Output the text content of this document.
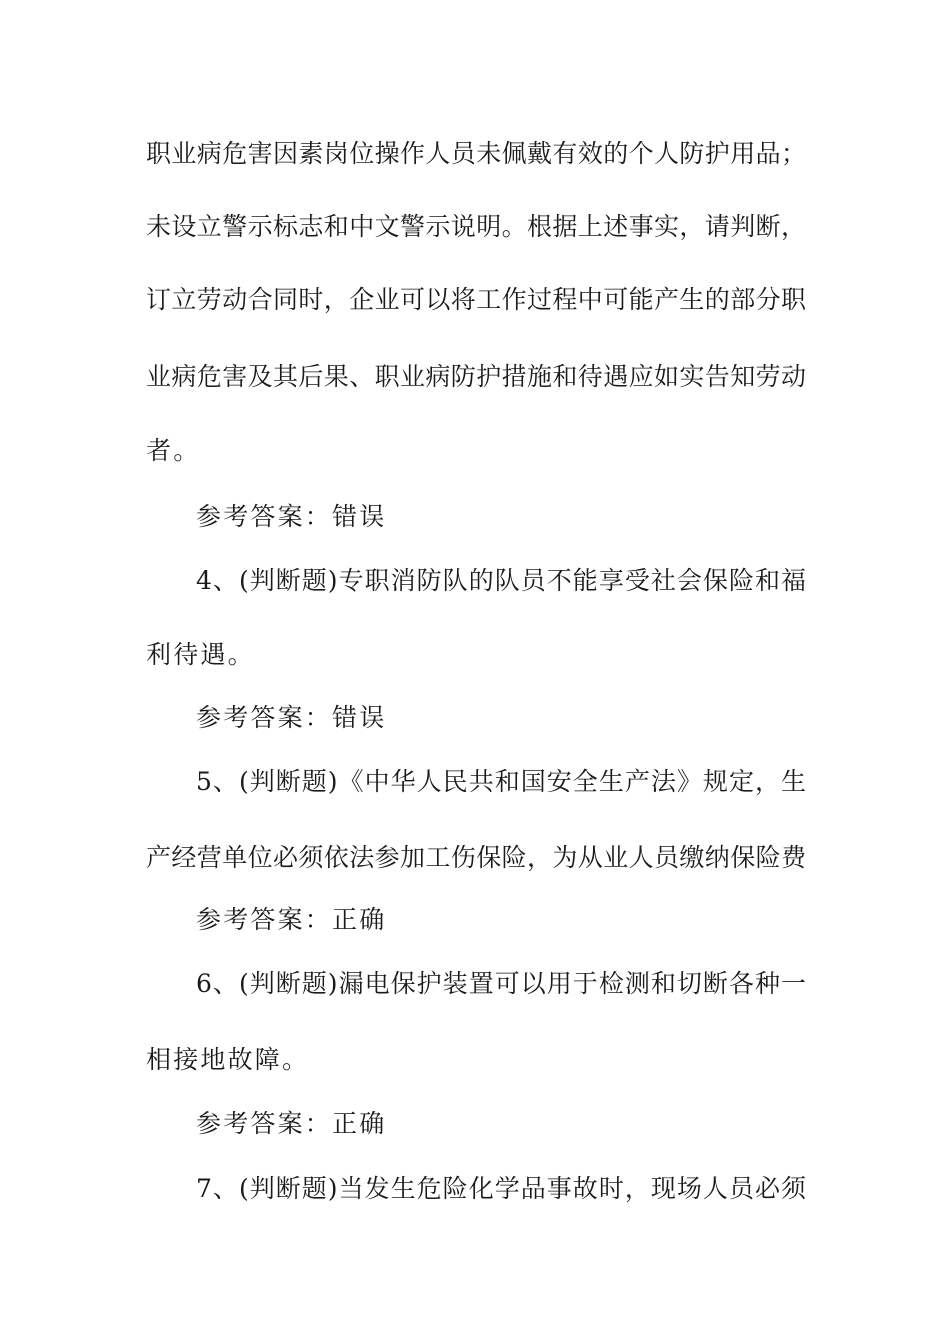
职业病危害因素岗位操作人员未佩戴有效的个人防护用品；
未设立警示标志和中文警示说明。根据上述事实，请判断，
订立劳动合同时，企业可以将工作过程中可能产生的部分职
业病危害及其后果、职业病防护措施和待遇应如实告知劳动
者。
参考答案：错误
4、(判断题)专职消防队的队员不能享受社会保险和福
利待遇。
参考答案：错误
5、(判断题)《中华人民共和国安全生产法》规定，生
产经营单位必须依法参加工伤保险，为从业人员缴纳保险费
参考答案：正确
6、(判断题)漏电保护装置可以用于检测和切断各种一
相接地故障。
参考答案：正确
7、(判断题)当发生危险化学品事故时，现场人员必须
